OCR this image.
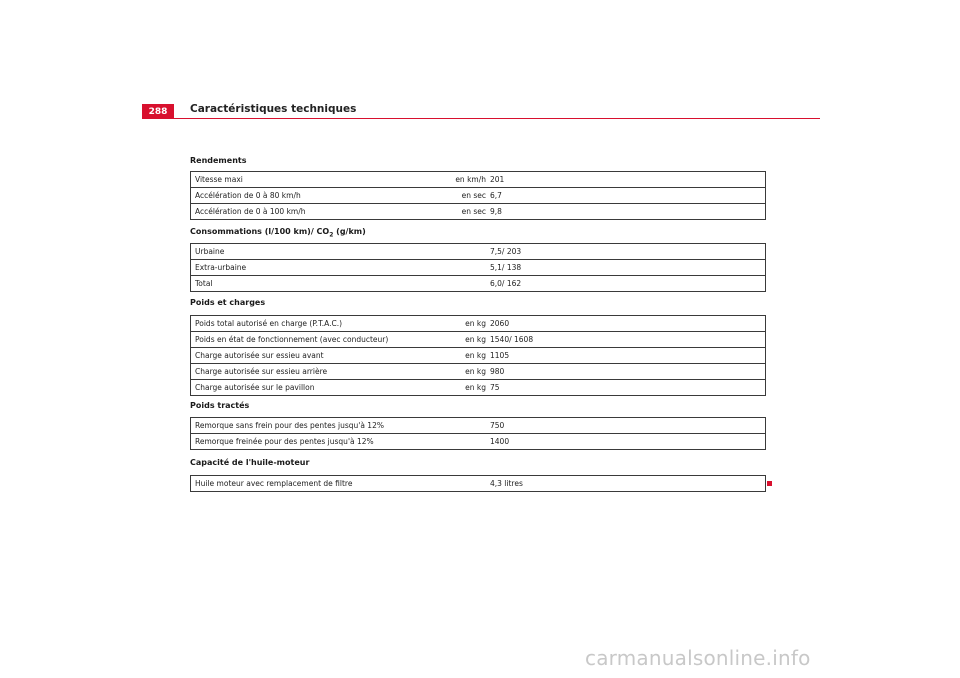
288	Caractéristiques techniques
Rendements
Vitesse maxi	en km/h	201
Accélération de 0 à 80 km/h	en sec	6,7
Accélération de 0 à 100 km/h	en sec	9,8
Consommations (l/100 km)/ $CO_2$ (g/km)
Urbaine		7,5/ 203
Extra-urbaine		5,1/ 138
Total		6,0/ 162
Poids et charges
Poids total autorisé en charge (P.T.A.C.)	en kg	2060
Poids en état de fonctionnement (avec conducteur)	en kg	1540/ 1608
Charge autorisée sur essieu avant	en kg	1105
Charge autorisée sur essieu arrière	en kg	980
Charge autorisée sur le pavillon	en kg	75
Poids tractés
Remorque sans frein pour des pentes jusqu'à 12%		750
Remorque freinée pour des pentes jusqu'à 12%		1400
Capacité de l'huile-moteur
Huile moteur avec remplacement de filtre		4,3 litres
carmanualsonline.info
